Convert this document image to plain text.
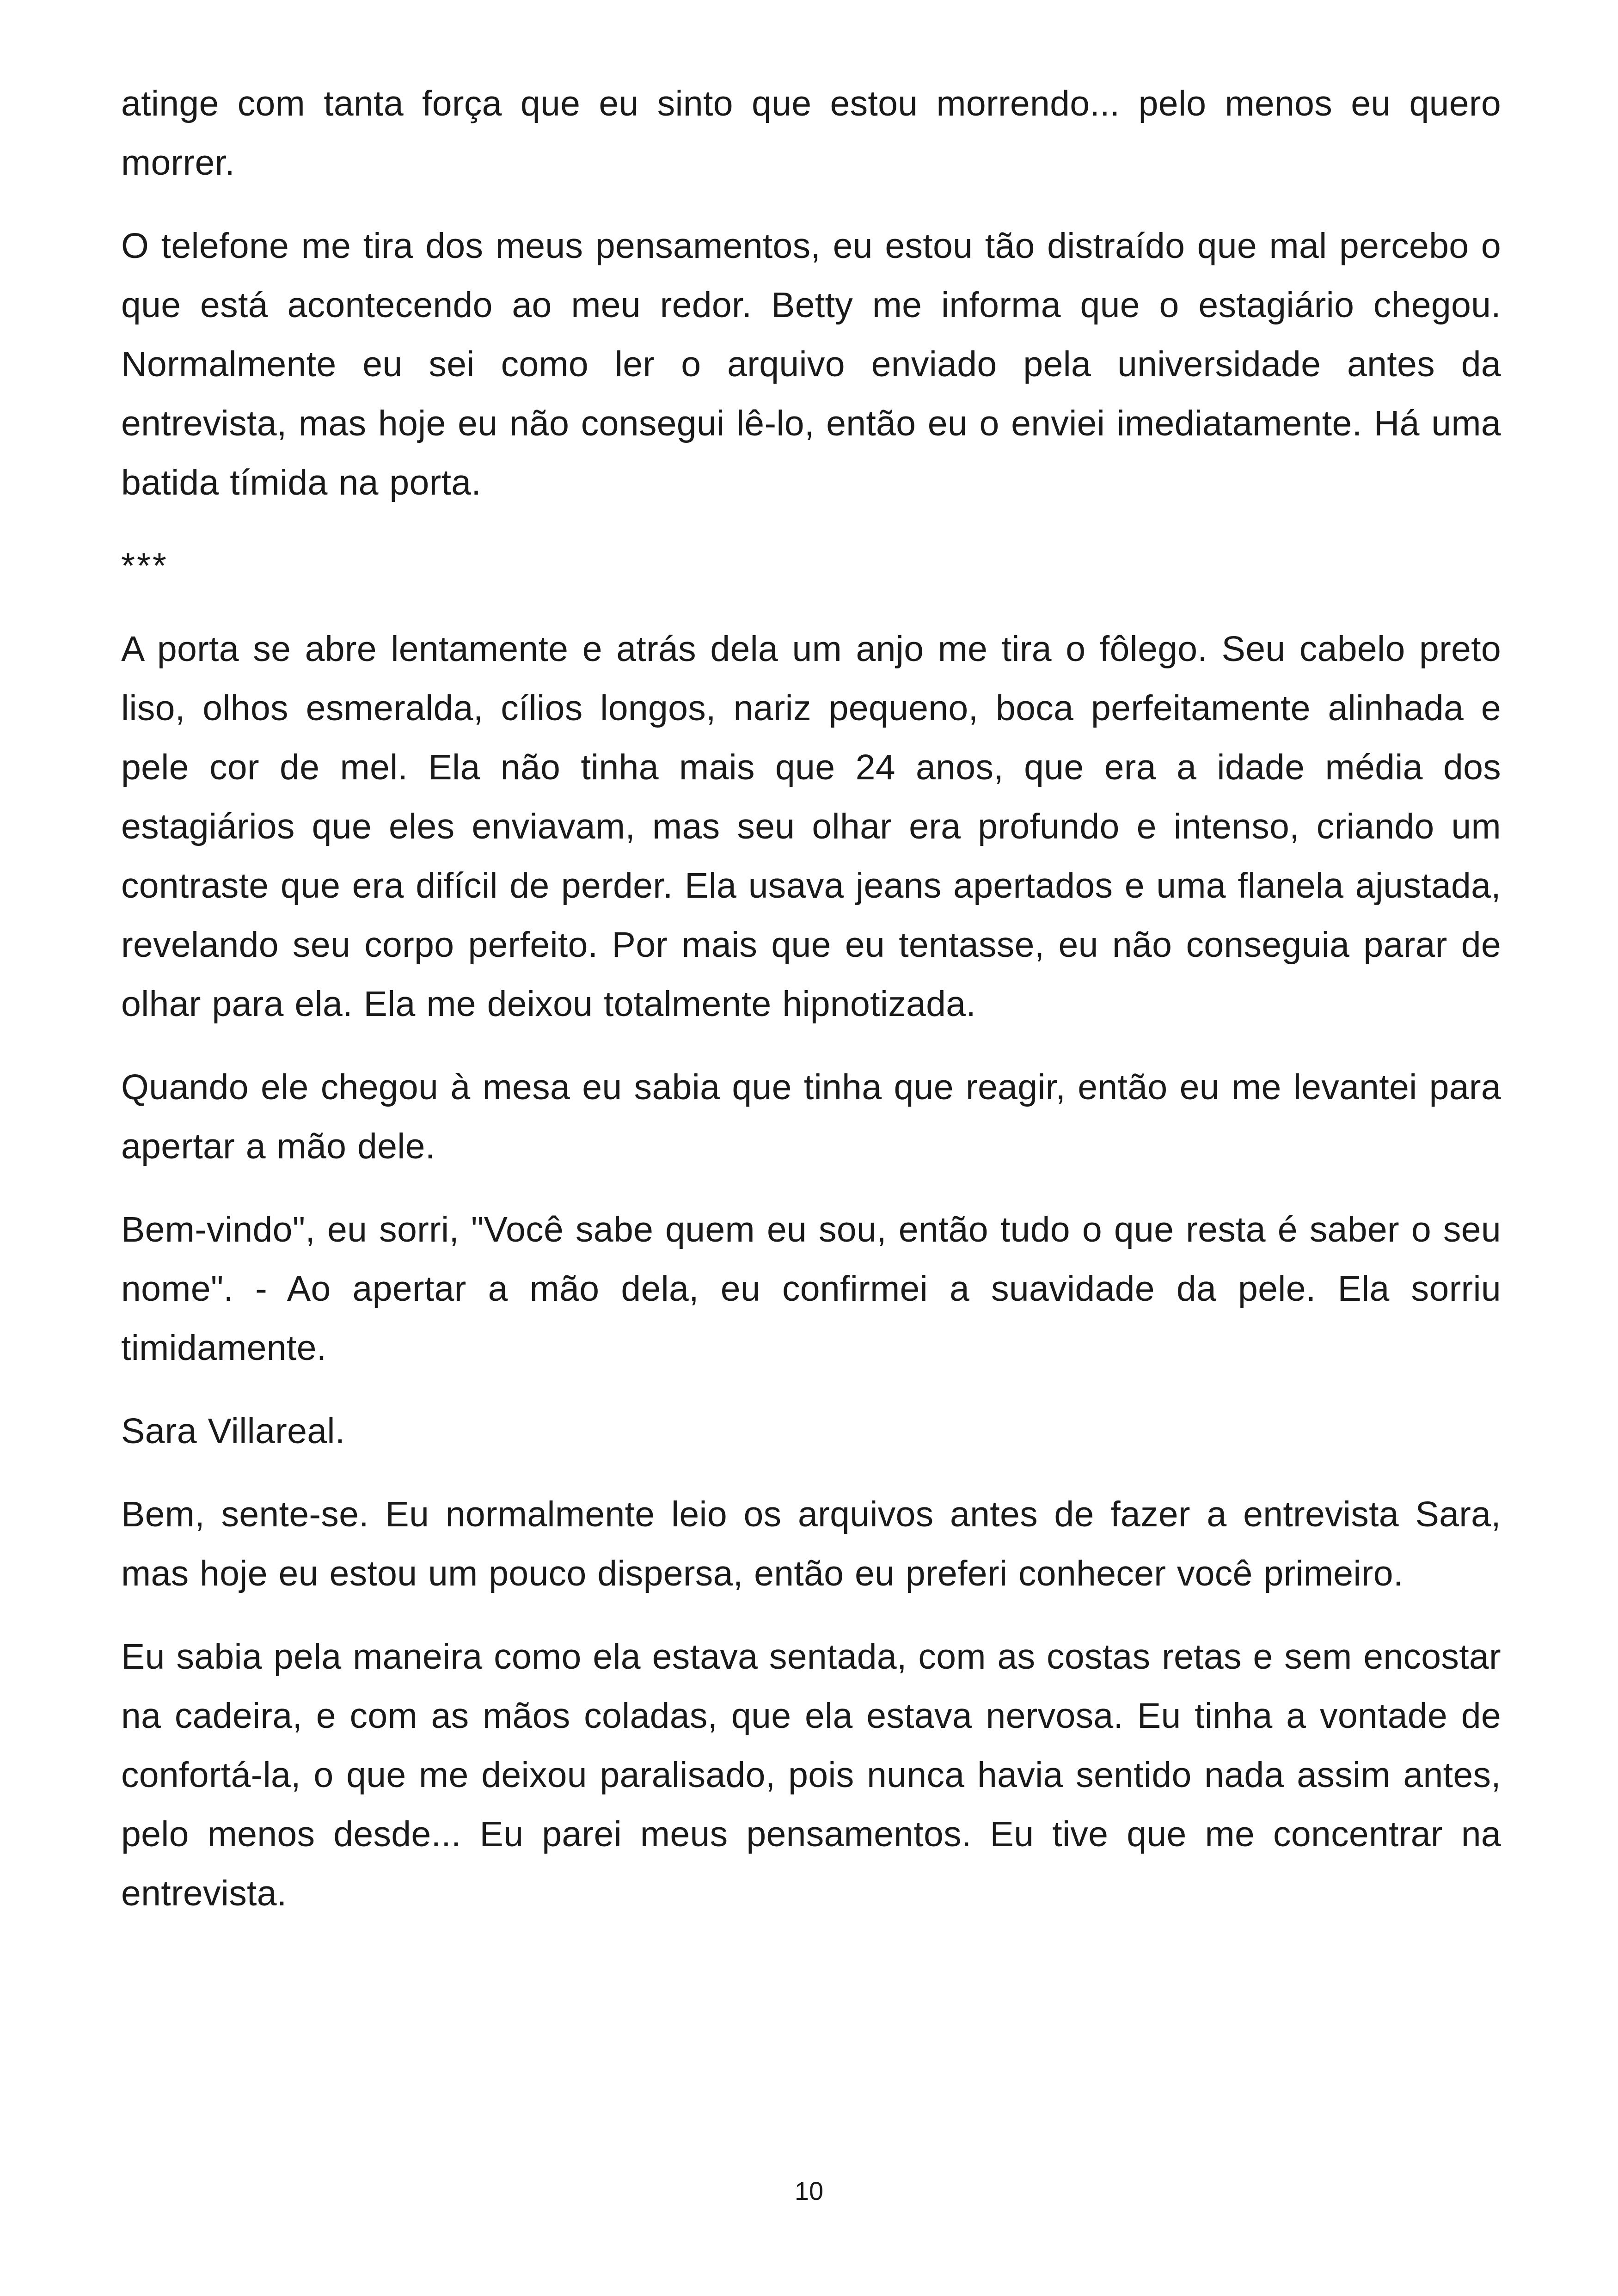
atinge com tanta força que eu sinto que estou morrendo... pelo menos eu quero morrer.

O telefone me tira dos meus pensamentos, eu estou tão distraído que mal percebo o que está acontecendo ao meu redor. Betty me informa que o estagiário chegou. Normalmente eu sei como ler o arquivo enviado pela universidade antes da entrevista, mas hoje eu não consegui lê-lo, então eu o enviei imediatamente. Há uma batida tímida na porta.

***

A porta se abre lentamente e atrás dela um anjo me tira o fôlego. Seu cabelo preto liso, olhos esmeralda, cílios longos, nariz pequeno, boca perfeitamente alinhada e pele cor de mel. Ela não tinha mais que 24 anos, que era a idade média dos estagiários que eles enviavam, mas seu olhar era profundo e intenso, criando um contraste que era difícil de perder. Ela usava jeans apertados e uma flanela ajustada, revelando seu corpo perfeito. Por mais que eu tentasse, eu não conseguia parar de olhar para ela. Ela me deixou totalmente hipnotizada.

Quando ele chegou à mesa eu sabia que tinha que reagir, então eu me levantei para apertar a mão dele.

Bem-vindo", eu sorri, "Você sabe quem eu sou, então tudo o que resta é saber o seu nome". - Ao apertar a mão dela, eu confirmei a suavidade da pele. Ela sorriu timidamente.

Sara Villareal.

Bem, sente-se. Eu normalmente leio os arquivos antes de fazer a entrevista Sara, mas hoje eu estou um pouco dispersa, então eu preferi conhecer você primeiro.

Eu sabia pela maneira como ela estava sentada, com as costas retas e sem encostar na cadeira, e com as mãos coladas, que ela estava nervosa. Eu tinha a vontade de confortá-la, o que me deixou paralisado, pois nunca havia sentido nada assim antes, pelo menos desde... Eu parei meus pensamentos. Eu tive que me concentrar na entrevista.

10
